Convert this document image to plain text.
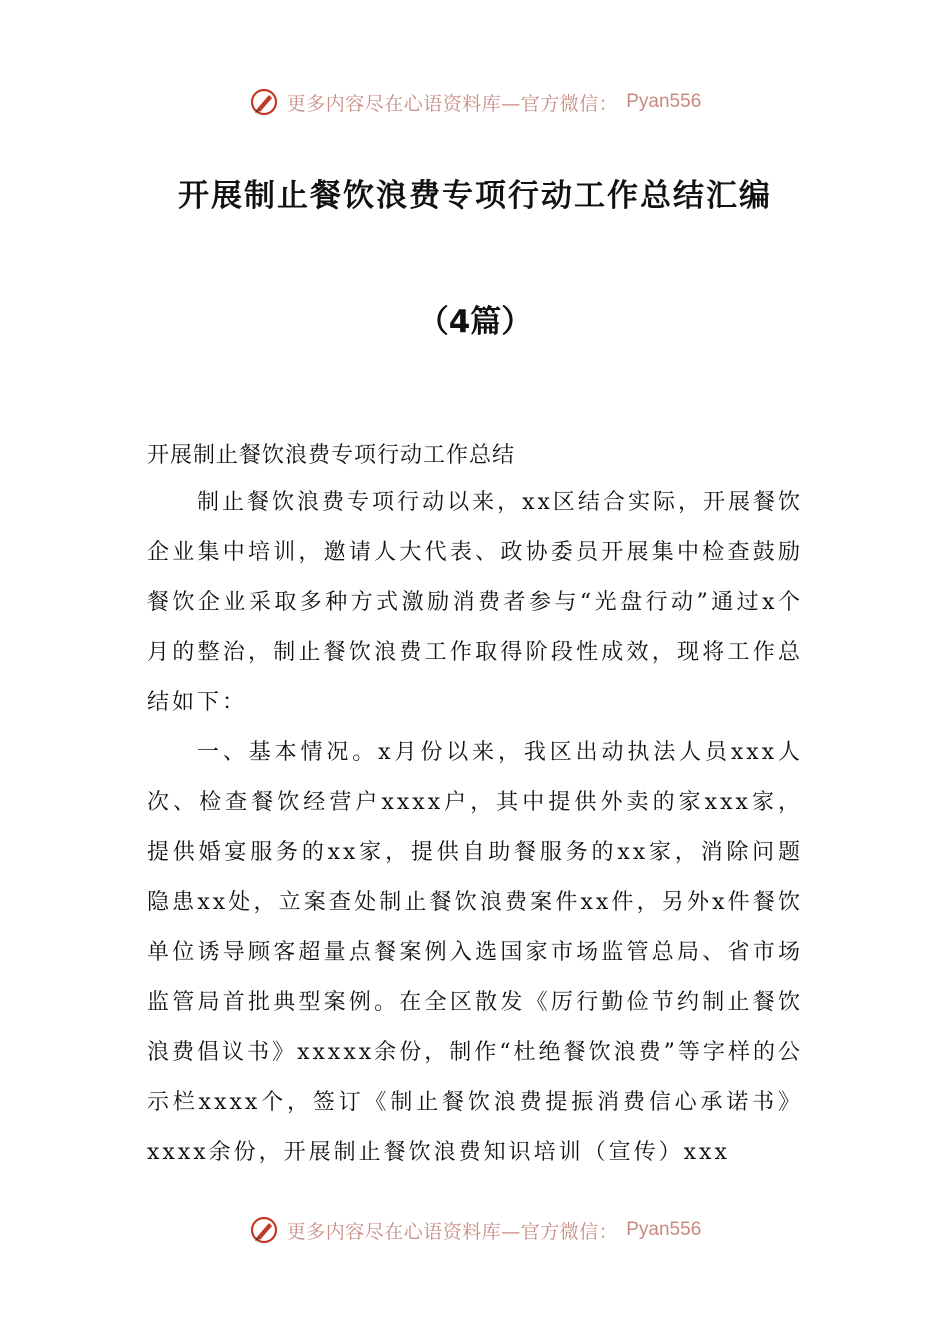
更多内容尽在心语资料库—官方微信： Pyan556
开展制止餐饮浪费专项行动工作总结汇编
（4篇）

开展制止餐饮浪费专项行动工作总结

制止餐饮浪费专项行动以来，xx区结合实际，开展餐饮企业集中培训，邀请人大代表、政协委员开展集中检查鼓励餐饮企业采取多种方式激励消费者参与“光盘行动”通过x个月的整治，制止餐饮浪费工作取得阶段性成效，现将工作总结如下：

一、基本情况。x月份以来，我区出动执法人员xxx人次、检查餐饮经营户xxxx户，其中提供外卖的家xxx家，提供婚宴服务的xx家，提供自助餐服务的xx家，消除问题隐患xx处，立案查处制止餐饮浪费案件xx件，另外x件餐饮单位诱导顾客超量点餐案例入选国家市场监管总局、省市场监管局首批典型案例。在全区散发《厉行勤俭节约制止餐饮浪费倡议书》xxxxx余份，制作“杜绝餐饮浪费”等字样的公示栏xxxx个，签订《制止餐饮浪费提振消费信心承诺书》xxxx余份，开展制止餐饮浪费知识培训（宣传）xxx

更多内容尽在心语资料库—官方微信： Pyan556
